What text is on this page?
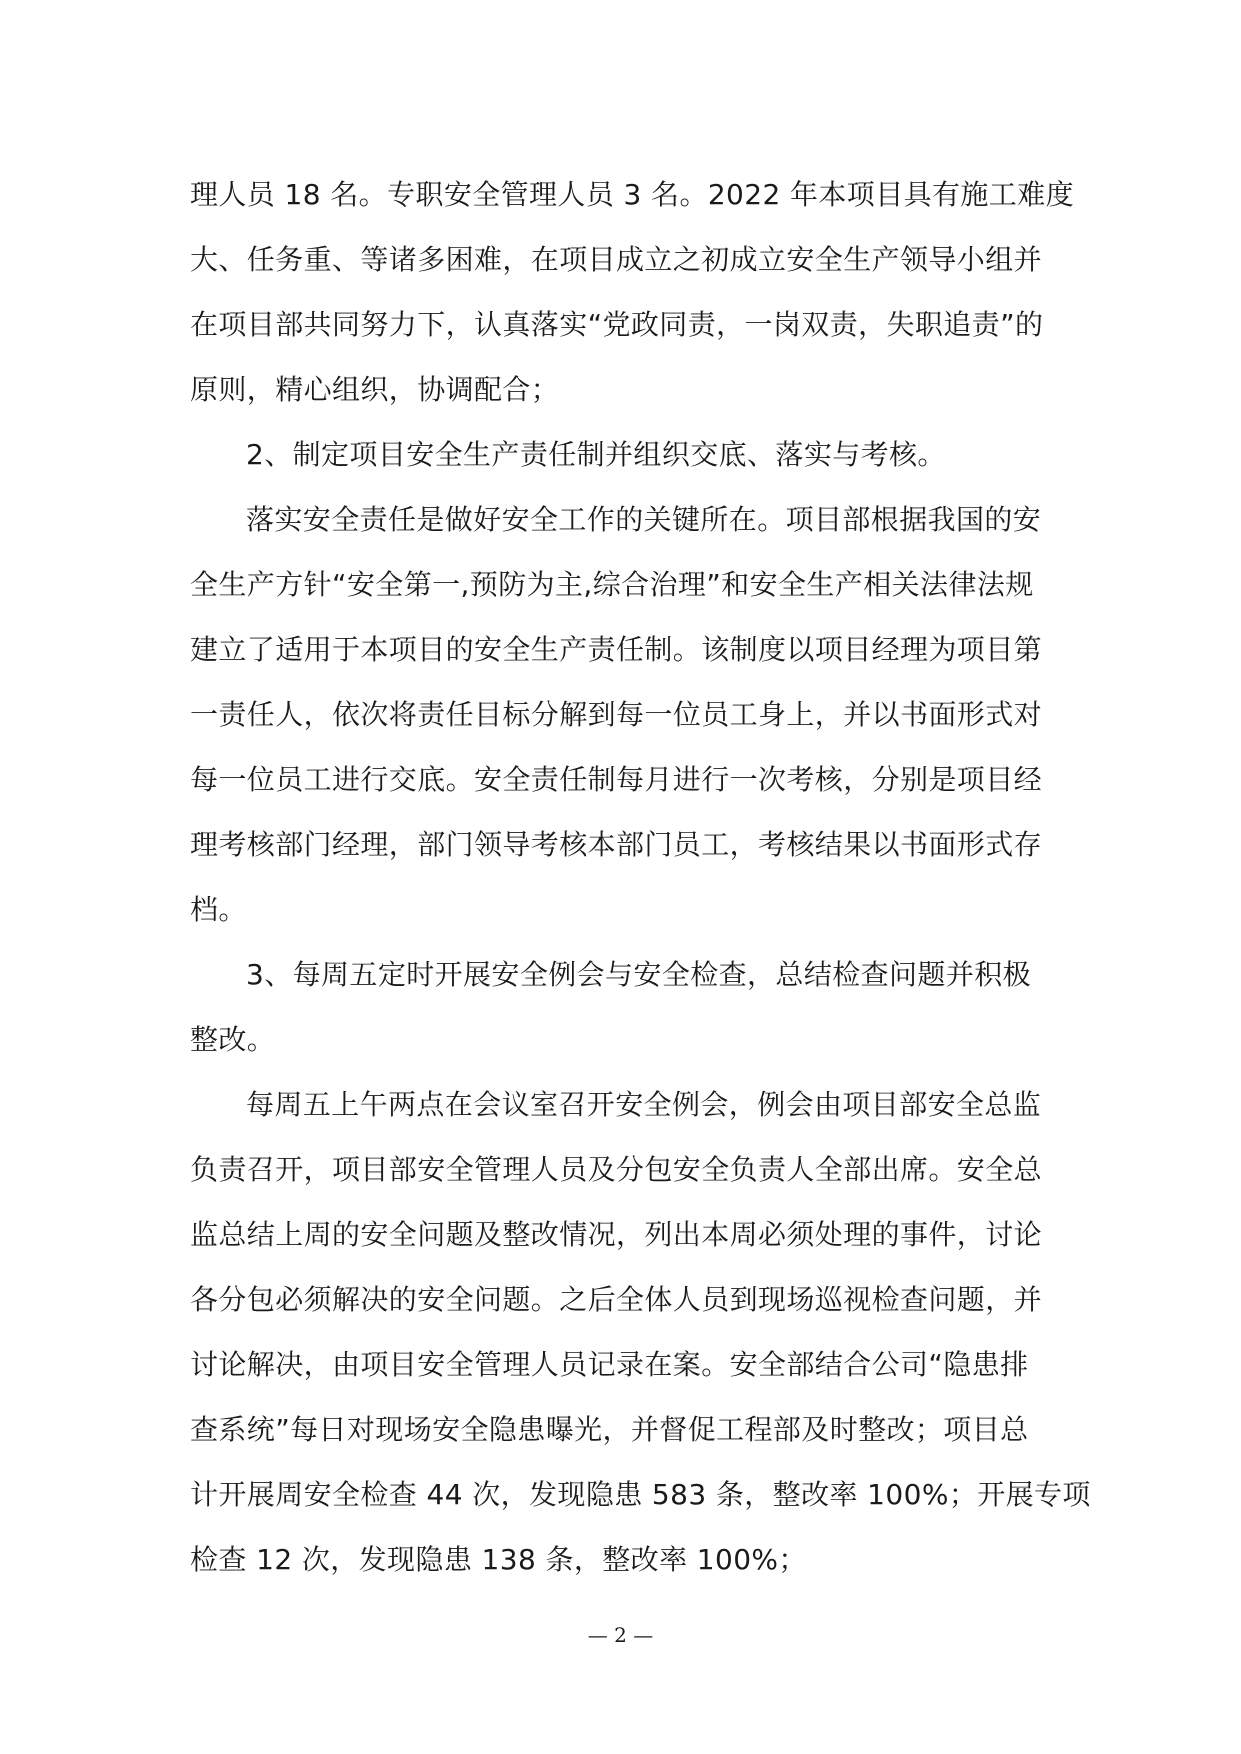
理人员 18 名。专职安全管理人员 3 名。2022 年本项目具有施工难度
大、任务重、等诸多困难，在项目成立之初成立安全生产领导小组并
在项目部共同努力下，认真落实“党政同责，一岗双责，失职追责”的
原则，精心组织，协调配合；
2、制定项目安全生产责任制并组织交底、落实与考核。
落实安全责任是做好安全工作的关键所在。项目部根据我国的安
全生产方针“安全第一,预防为主,综合治理”和安全生产相关法律法规
建立了适用于本项目的安全生产责任制。该制度以项目经理为项目第
一责任人，依次将责任目标分解到每一位员工身上，并以书面形式对
每一位员工进行交底。安全责任制每月进行一次考核，分别是项目经
理考核部门经理，部门领导考核本部门员工，考核结果以书面形式存
档。
3、每周五定时开展安全例会与安全检查，总结检查问题并积极
整改。
每周五上午两点在会议室召开安全例会，例会由项目部安全总监
负责召开，项目部安全管理人员及分包安全负责人全部出席。安全总
监总结上周的安全问题及整改情况，列出本周必须处理的事件，讨论
各分包必须解决的安全问题。之后全体人员到现场巡视检查问题，并
讨论解决，由项目安全管理人员记录在案。安全部结合公司“隐患排
查系统”每日对现场安全隐患曝光，并督促工程部及时整改；项目总
计开展周安全检查 44 次，发现隐患 583 条，整改率 100%；开展专项
检查 12 次，发现隐患 138 条，整改率 100%；
— 2 —
